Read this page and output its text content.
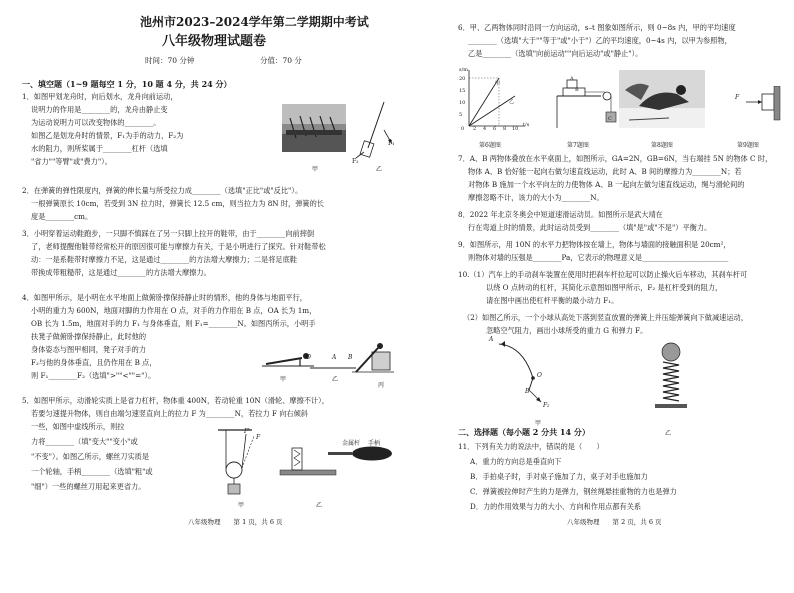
池州市2023–2024学年第二学期期中考试
八年级物理试题卷
时间：70 分钟	分值：70 分
一、填空题（1~9 题每空 1 分，10 题 4 分，共 24 分）
1．如图甲划龙舟时，向后划水，龙舟向前运动，
说明力的作用是________的，龙舟由静止变
为运动说明力可以改变物体的________。
如图乙是划龙舟时的情景，F₁为手的动力，F₂为
水的阻力，则所桨属于________杠杆（选填
"省力""等臂"或"费力"）。
甲
F₁
F₂
乙
2．在弹簧的弹性限度内，弹簧的伸长量与所受拉力成________（选填"正比"或"反比"）。
一根弹簧原长 10cm，若受到 3N 拉力时，弹簧长 12.5 cm，则当拉力为 8N 时，弹簧的长
度是________cm。
3．小明穿着运动鞋跑步，一只脚不慎踩在了另一只脚上拉开的鞋带，由于________向前摔倒
了，老师提醒他鞋带经常松开的原因很可能与摩擦力有关，于是小明进行了探究。针对鞋带松
动：一是系鞋带时摩擦力不足，这是通过________的方法增大摩擦力；二是将足底鞋
带换成带粗糙带，这是通过________的方法增大摩擦力。
4．如图甲所示，是小明在水平地面上做俯卧撑保持静止时的情形，他的身体与地面平行，
小明的重力为 600N，地面对脚的力作用在 O 点，对手的力作用在 B 点，OA 长为 1m，
OB 长为 1.5m，地面对手的力 F₁ 与身体垂直，则 F₁=________N。如图丙所示，小明手
扶凳子做俯卧撑保持静止，此时他的
身体姿态与图甲相同，凳子对手的力
F₂与他的身体垂直，且仍作用在 B 点，
则 F₁________F₂（选填">""<""="）。
O	A B
甲	乙
丙
5．如图甲所示，动滑轮实质上是省力杠杆，物体重 400N，若动轮重 10N（滑轮、摩擦不计），
若要匀速提升物体，则自由端匀速竖直向上的拉力 F 为________N，若拉力 F 向右倾斜
一些，如图中虚线所示，则拉
力将________（填"变大""变小"或
"不变"）。如图乙所示，螺丝刀实质是
一个轮轴，手柄________（选填"粗"或
"细"）一些的螺丝刀用起来更省力。
F
F'
甲
金属杆 手柄
乙
八年级物理　　第 1 页，共 6 页
6．甲、乙两物体同时沿同一方向运动，s–t 图象如图所示，则 0~8s 内，甲的平均速度
________（选填"大于""等于"或"小于"）乙的平均速度，0~4s 内，以甲为参照物，
乙是________（选填"向前运动""向后运动"或"静止"）。
s/m
t/s
甲
乙
0 2 4 6 8 10
20
15
10
5
A
B
C
F
第6题图	第7题图	第8题图	第9题图
7．A、B 两物体叠放在水平桌面上，如图所示，GA=2N，GB=6N，当右端挂 5N 的物体 C 时，
物体 A、B 恰好能一起向右做匀速直线运动，此时 A、B 间的摩擦力为________N；若
对物体 B 施加一个水平向左的力使物体 A、B 一起向左做匀速直线运动，绳与滑轮间的
摩擦忽略不计，该力的大小为________N。
8．2022 年北京冬奥会中短道速滑运动员。如图所示是武大靖在
行在弯道上时的情景，此时运动员受到________（填"是"或"不是"）平衡力。
9．如图所示，用 10N 的水平力把物体按在墙上，物体与墙面的接触面积是 20cm²，
则物体对墙的压强是________Pa，它表示的物理意义是________________________
10.（1）汽车上的手动刹车装置在使用时把刹车杆拉起可以防止操火后车移动，其刹车杆可
以绕 O 点转动的杠杆，其简化示意图如图甲所示，F₂ 是杠杆受到的阻力，
请在图中画出使杠杆平衡的最小动力 F₁。
（2）如图乙所示，一个小球从高处下落到竖直放置的弹簧上并压缩弹簧向下做减速运动，
忽略空气阻力，画出小球所受的重力 G 和弹力 F。
A
O
B
F₂
甲
乙
二、选择题（每小题 2 分共 14 分）
11．下列有关力的说法中，错误的是（　　）
A．重力的方向总是垂直向下
B．手拍桌子时，手对桌子施加了力，桌子对手也施加力
C．弹簧被拉伸时产生的力是弹力，钢丝绳悬挂重物的力也是弹力
D．力的作用效果与力的大小、方向和作用点都有关系
八年级物理　　第 2 页，共 6 页
